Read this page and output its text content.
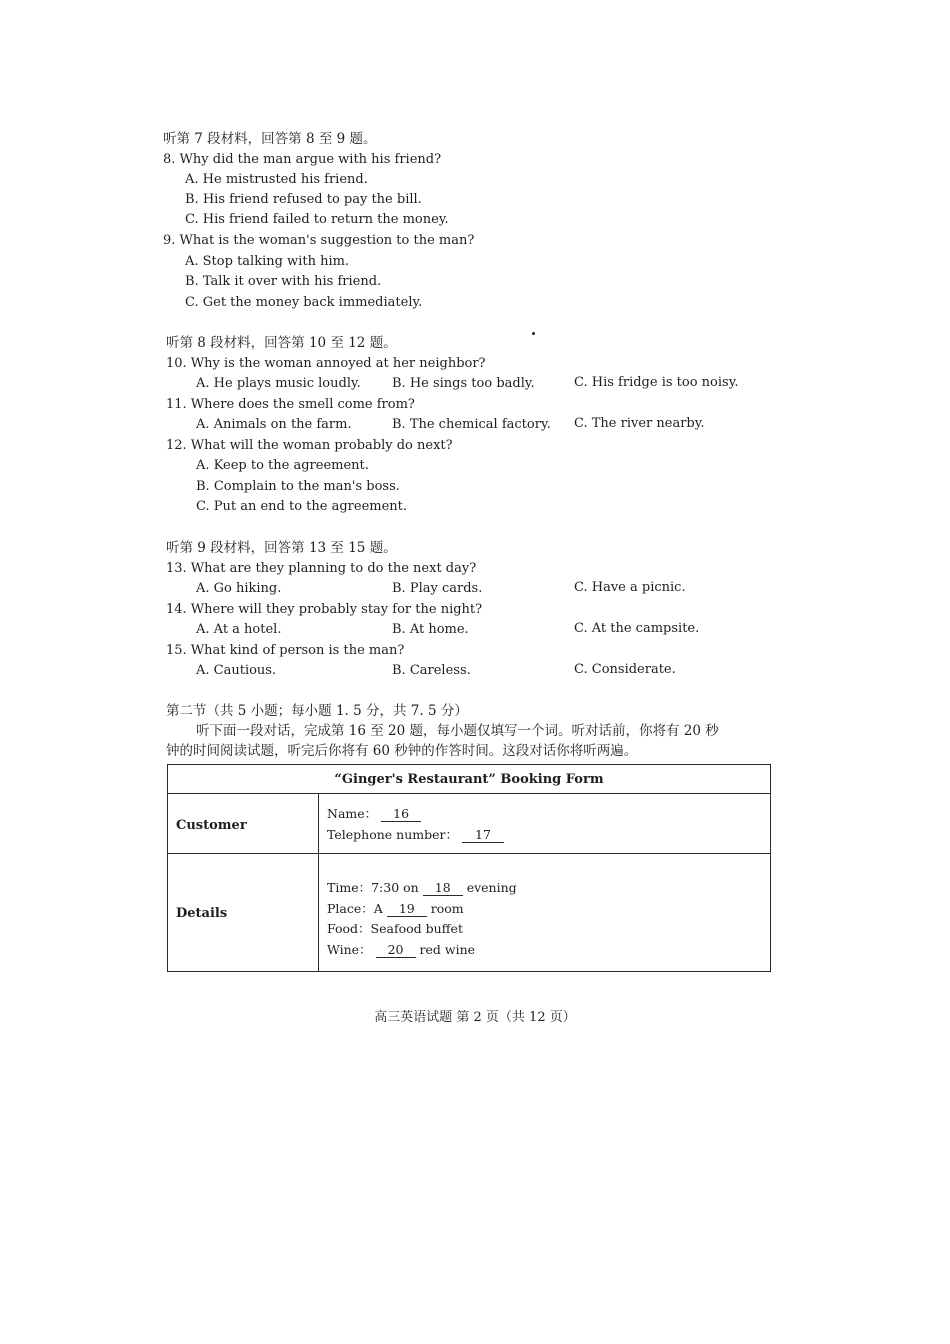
听第 7 段材料，回答第 8 至 9 题。
8. Why did the man argue with his friend?
A. He mistrusted his friend.
B. His friend refused to pay the bill.
C. His friend failed to return the money.
9. What is the woman's suggestion to the man?
A. Stop talking with him.
B. Talk it over with his friend.
C. Get the money back immediately.
听第 8 段材料，回答第 10 至 12 题。
10. Why is the woman annoyed at her neighbor?
A. He plays music loudly. B. He sings too badly.	C. His fridge is too noisy.
11. Where does the smell come from?
A. Animals on the farm.	B. The chemical factory. C. The river nearby.
12. What will the woman probably do next?
A. Keep to the agreement.
B. Complain to the man's boss.
C. Put an end to the agreement.
听第 9 段材料，回答第 13 至 15 题。
13. What are they planning to do the next day?
A. Go hiking.	B. Play cards.	C. Have a picnic.
14. Where will they probably stay for the night?
A. At a hotel.	B. At home.	C. At the campsite.
15. What kind of person is the man?
A. Cautious.	B. Careless.	C. Considerate.
第二节（共 5 小题；每小题 1. 5 分，共 7. 5 分）
听下面一段对话，完成第 16 至 20 题，每小题仅填写一个词。听对话前，你将有 20 秒
钟的时间阅读试题，听完后你将有 60 秒钟的作答时间。这段对话你将听两遍。
“Ginger's Restaurant” Booking Form
Customer
Name： 16
Telephone number： 17
Details
Time：7:30 on 18 evening
Place：A 19 room
Food：Seafood buffet
Wine： 20 red wine
高三英语试题 第 2 页（共 12 页）
